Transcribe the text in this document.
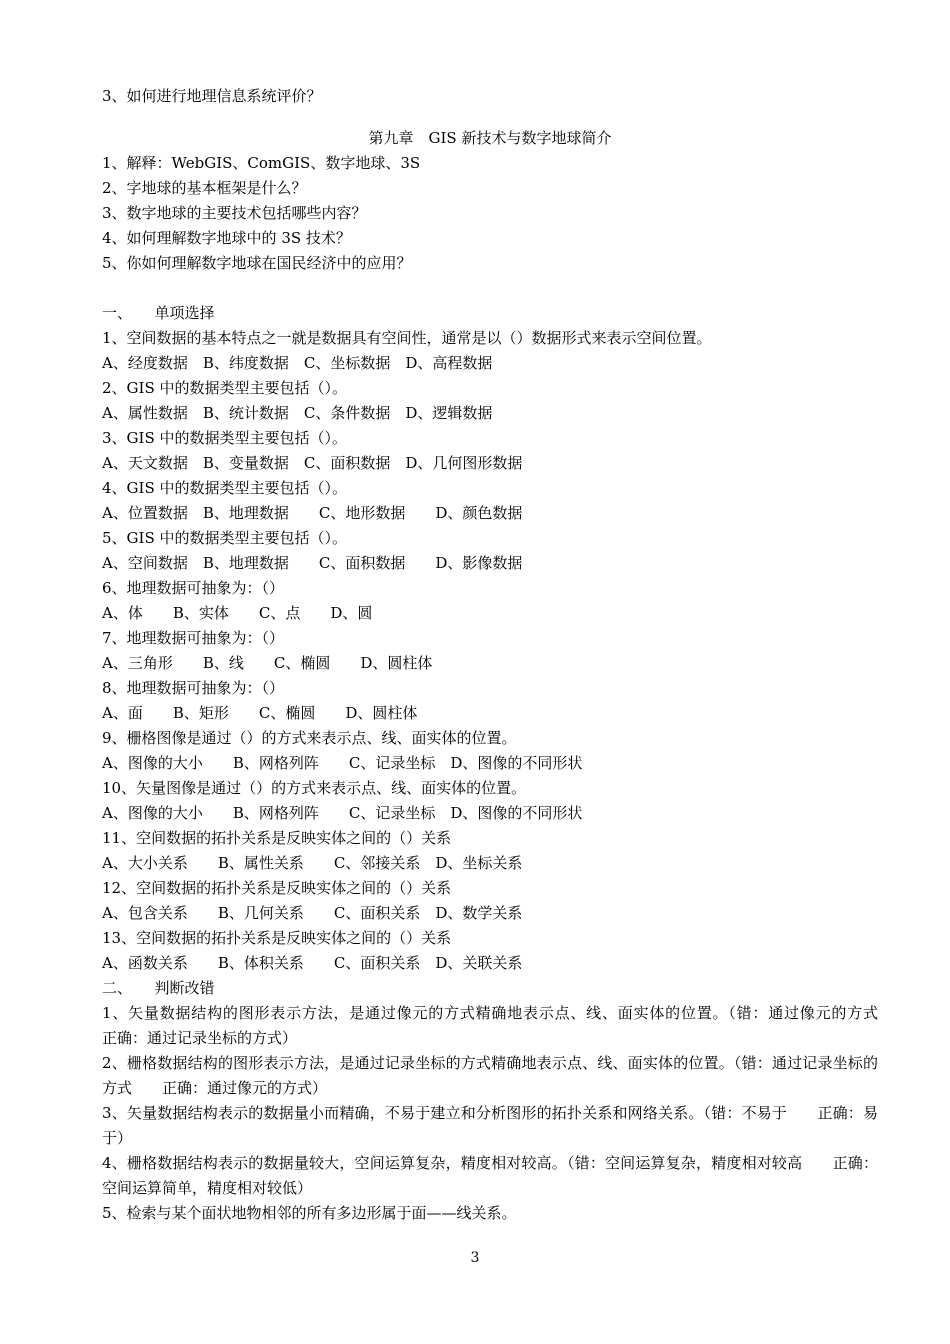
3、如何进行地理信息系统评价？
第九章　GIS 新技术与数字地球简介
1、解释：WebGIS、ComGIS、数字地球、3S
2、字地球的基本框架是什么？
3、数字地球的主要技术包括哪些内容？
4、如何理解数字地球中的 3S 技术？
5、你如何理解数字地球在国民经济中的应用？
一、　　单项选择
1、空间数据的基本特点之一就是数据具有空间性，通常是以（）数据形式来表示空间位置。
A、经度数据　B、纬度数据　C、坐标数据　D、高程数据
2、GIS 中的数据类型主要包括（）。
A、属性数据　B、统计数据　C、条件数据　D、逻辑数据
3、GIS 中的数据类型主要包括（）。
A、天文数据　B、变量数据　C、面积数据　D、几何图形数据
4、GIS 中的数据类型主要包括（）。
A、位置数据　B、地理数据　　C、地形数据　　D、颜色数据
5、GIS 中的数据类型主要包括（）。
A、空间数据　B、地理数据　　C、面积数据　　D、影像数据
6、地理数据可抽象为：（）
A、体　　B、实体　　C、点　　D、圆
7、地理数据可抽象为：（）
A、三角形　　B、线　　C、椭圆　　D、圆柱体
8、地理数据可抽象为：（）
A、面　　B、矩形　　C、椭圆　　D、圆柱体
9、栅格图像是通过（）的方式来表示点、线、面实体的位置。
A、图像的大小　　B、网格列阵　　C、记录坐标　D、图像的不同形状
10、矢量图像是通过（）的方式来表示点、线、面实体的位置。
A、图像的大小　　B、网格列阵　　C、记录坐标　D、图像的不同形状
11、空间数据的拓扑关系是反映实体之间的（）关系
A、大小关系　　B、属性关系　　C、邻接关系　D、坐标关系
12、空间数据的拓扑关系是反映实体之间的（）关系
A、包含关系　　B、几何关系　　C、面积关系　D、数学关系
13、空间数据的拓扑关系是反映实体之间的（）关系
A、函数关系　　B、体积关系　　C、面积关系　D、关联关系
二、　　判断改错
1、矢量数据结构的图形表示方法，是通过像元的方式精确地表示点、线、面实体的位置。（错：通过像元的方式　　正确：通过记录坐标的方式）
2、栅格数据结构的图形表示方法，是通过记录坐标的方式精确地表示点、线、面实体的位置。（错：通过记录坐标的方式　　正确：通过像元的方式）
3、矢量数据结构表示的数据量小而精确，不易于建立和分析图形的拓扑关系和网络关系。（错：不易于　　正确：易于）
4、栅格数据结构表示的数据量较大，空间运算复杂，精度相对较高。（错：空间运算复杂，精度相对较高　　正确：空间运算简单，精度相对较低）
5、检索与某个面状地物相邻的所有多边形属于面——线关系。
3
